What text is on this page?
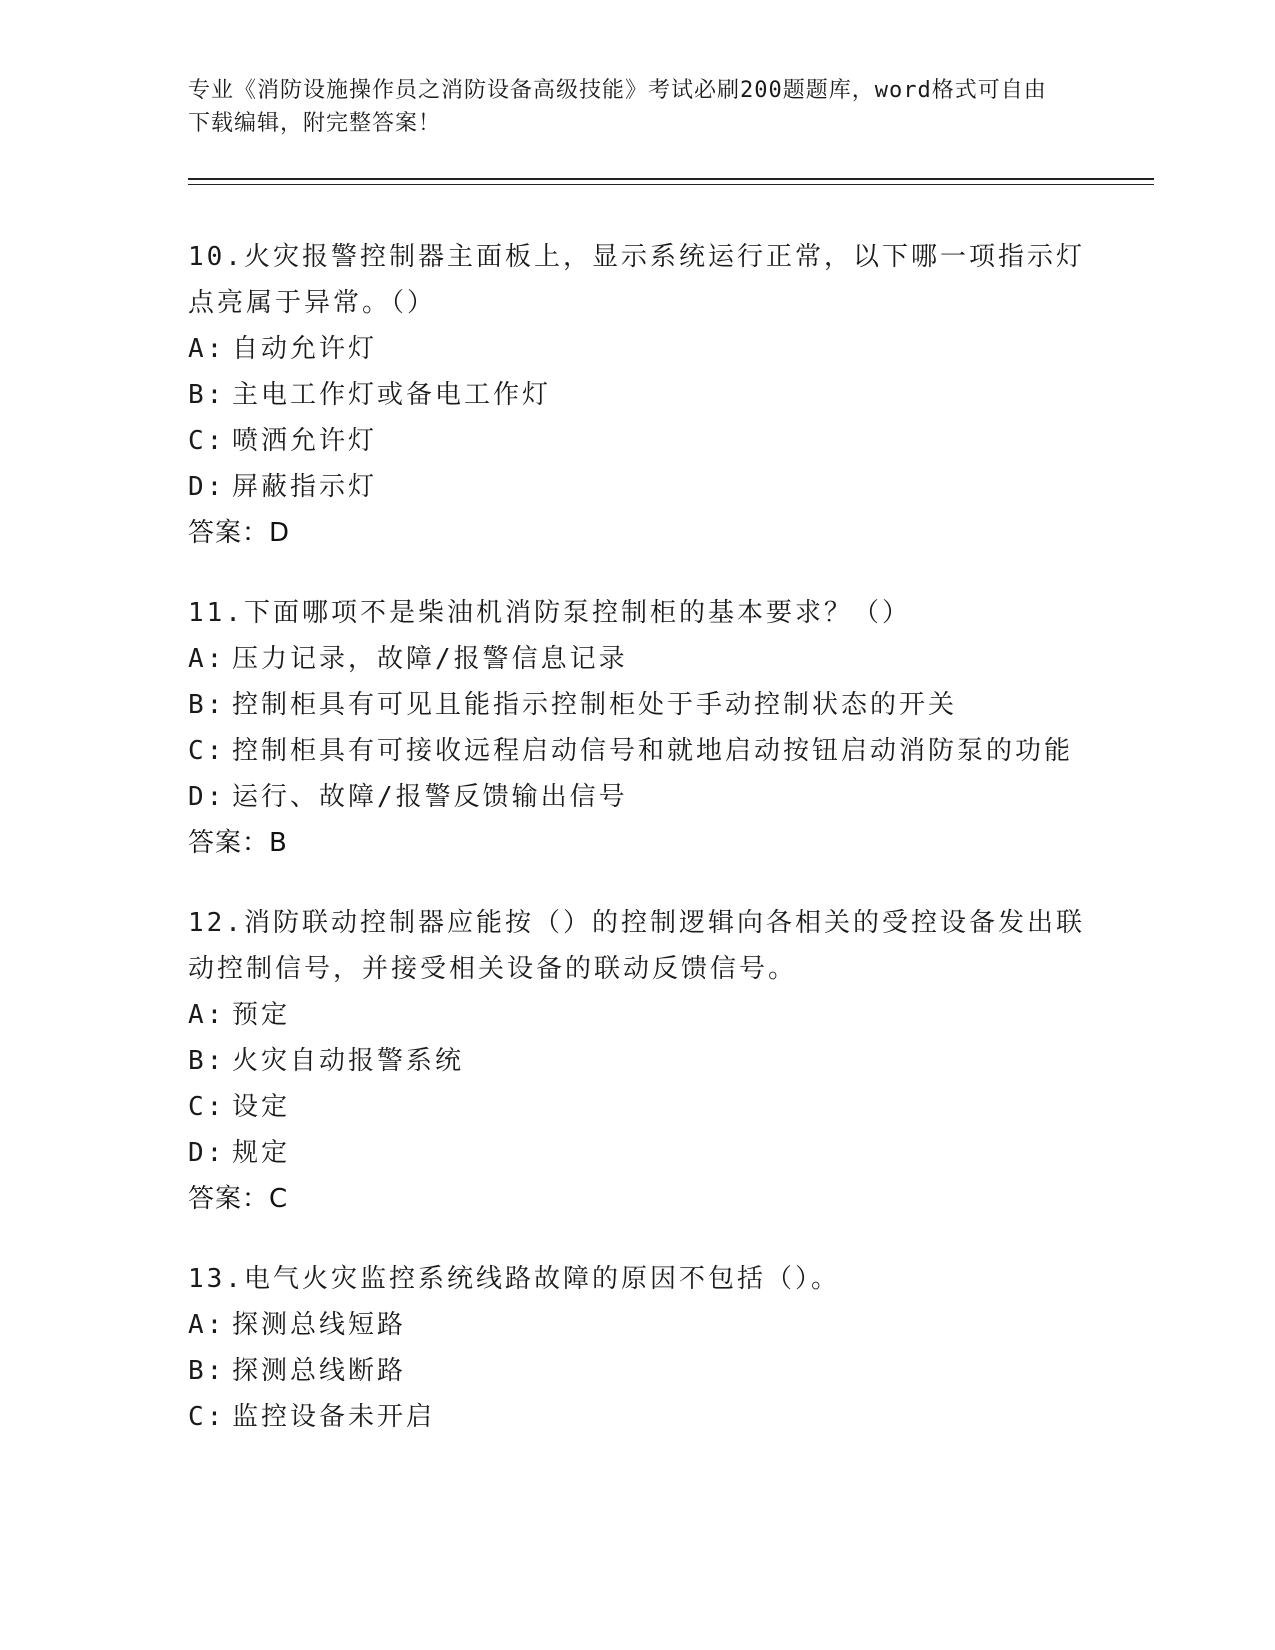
专业《消防设施操作员之消防设备高级技能》考试必刷200题题库，word格式可自由下载编辑，附完整答案！

10.火灾报警控制器主面板上，显示系统运行正常，以下哪一项指示灯点亮属于异常。（）

A: 自动允许灯

B: 主电工作灯或备电工作灯

C: 喷洒允许灯

D: 屏蔽指示灯

答案：D

11.下面哪项不是柴油机消防泵控制柜的基本要求？（）

A: 压力记录，故障/报警信息记录

B: 控制柜具有可见且能指示控制柜处于手动控制状态的开关

C: 控制柜具有可接收远程启动信号和就地启动按钮启动消防泵的功能

D: 运行、故障/报警反馈输出信号

答案：B

12.消防联动控制器应能按（）的控制逻辑向各相关的受控设备发出联动控制信号，并接受相关设备的联动反馈信号。

A: 预定

B: 火灾自动报警系统

C: 设定

D: 规定

答案：C

13.电气火灾监控系统线路故障的原因不包括（）。

A: 探测总线短路

B: 探测总线断路

C: 监控设备未开启
